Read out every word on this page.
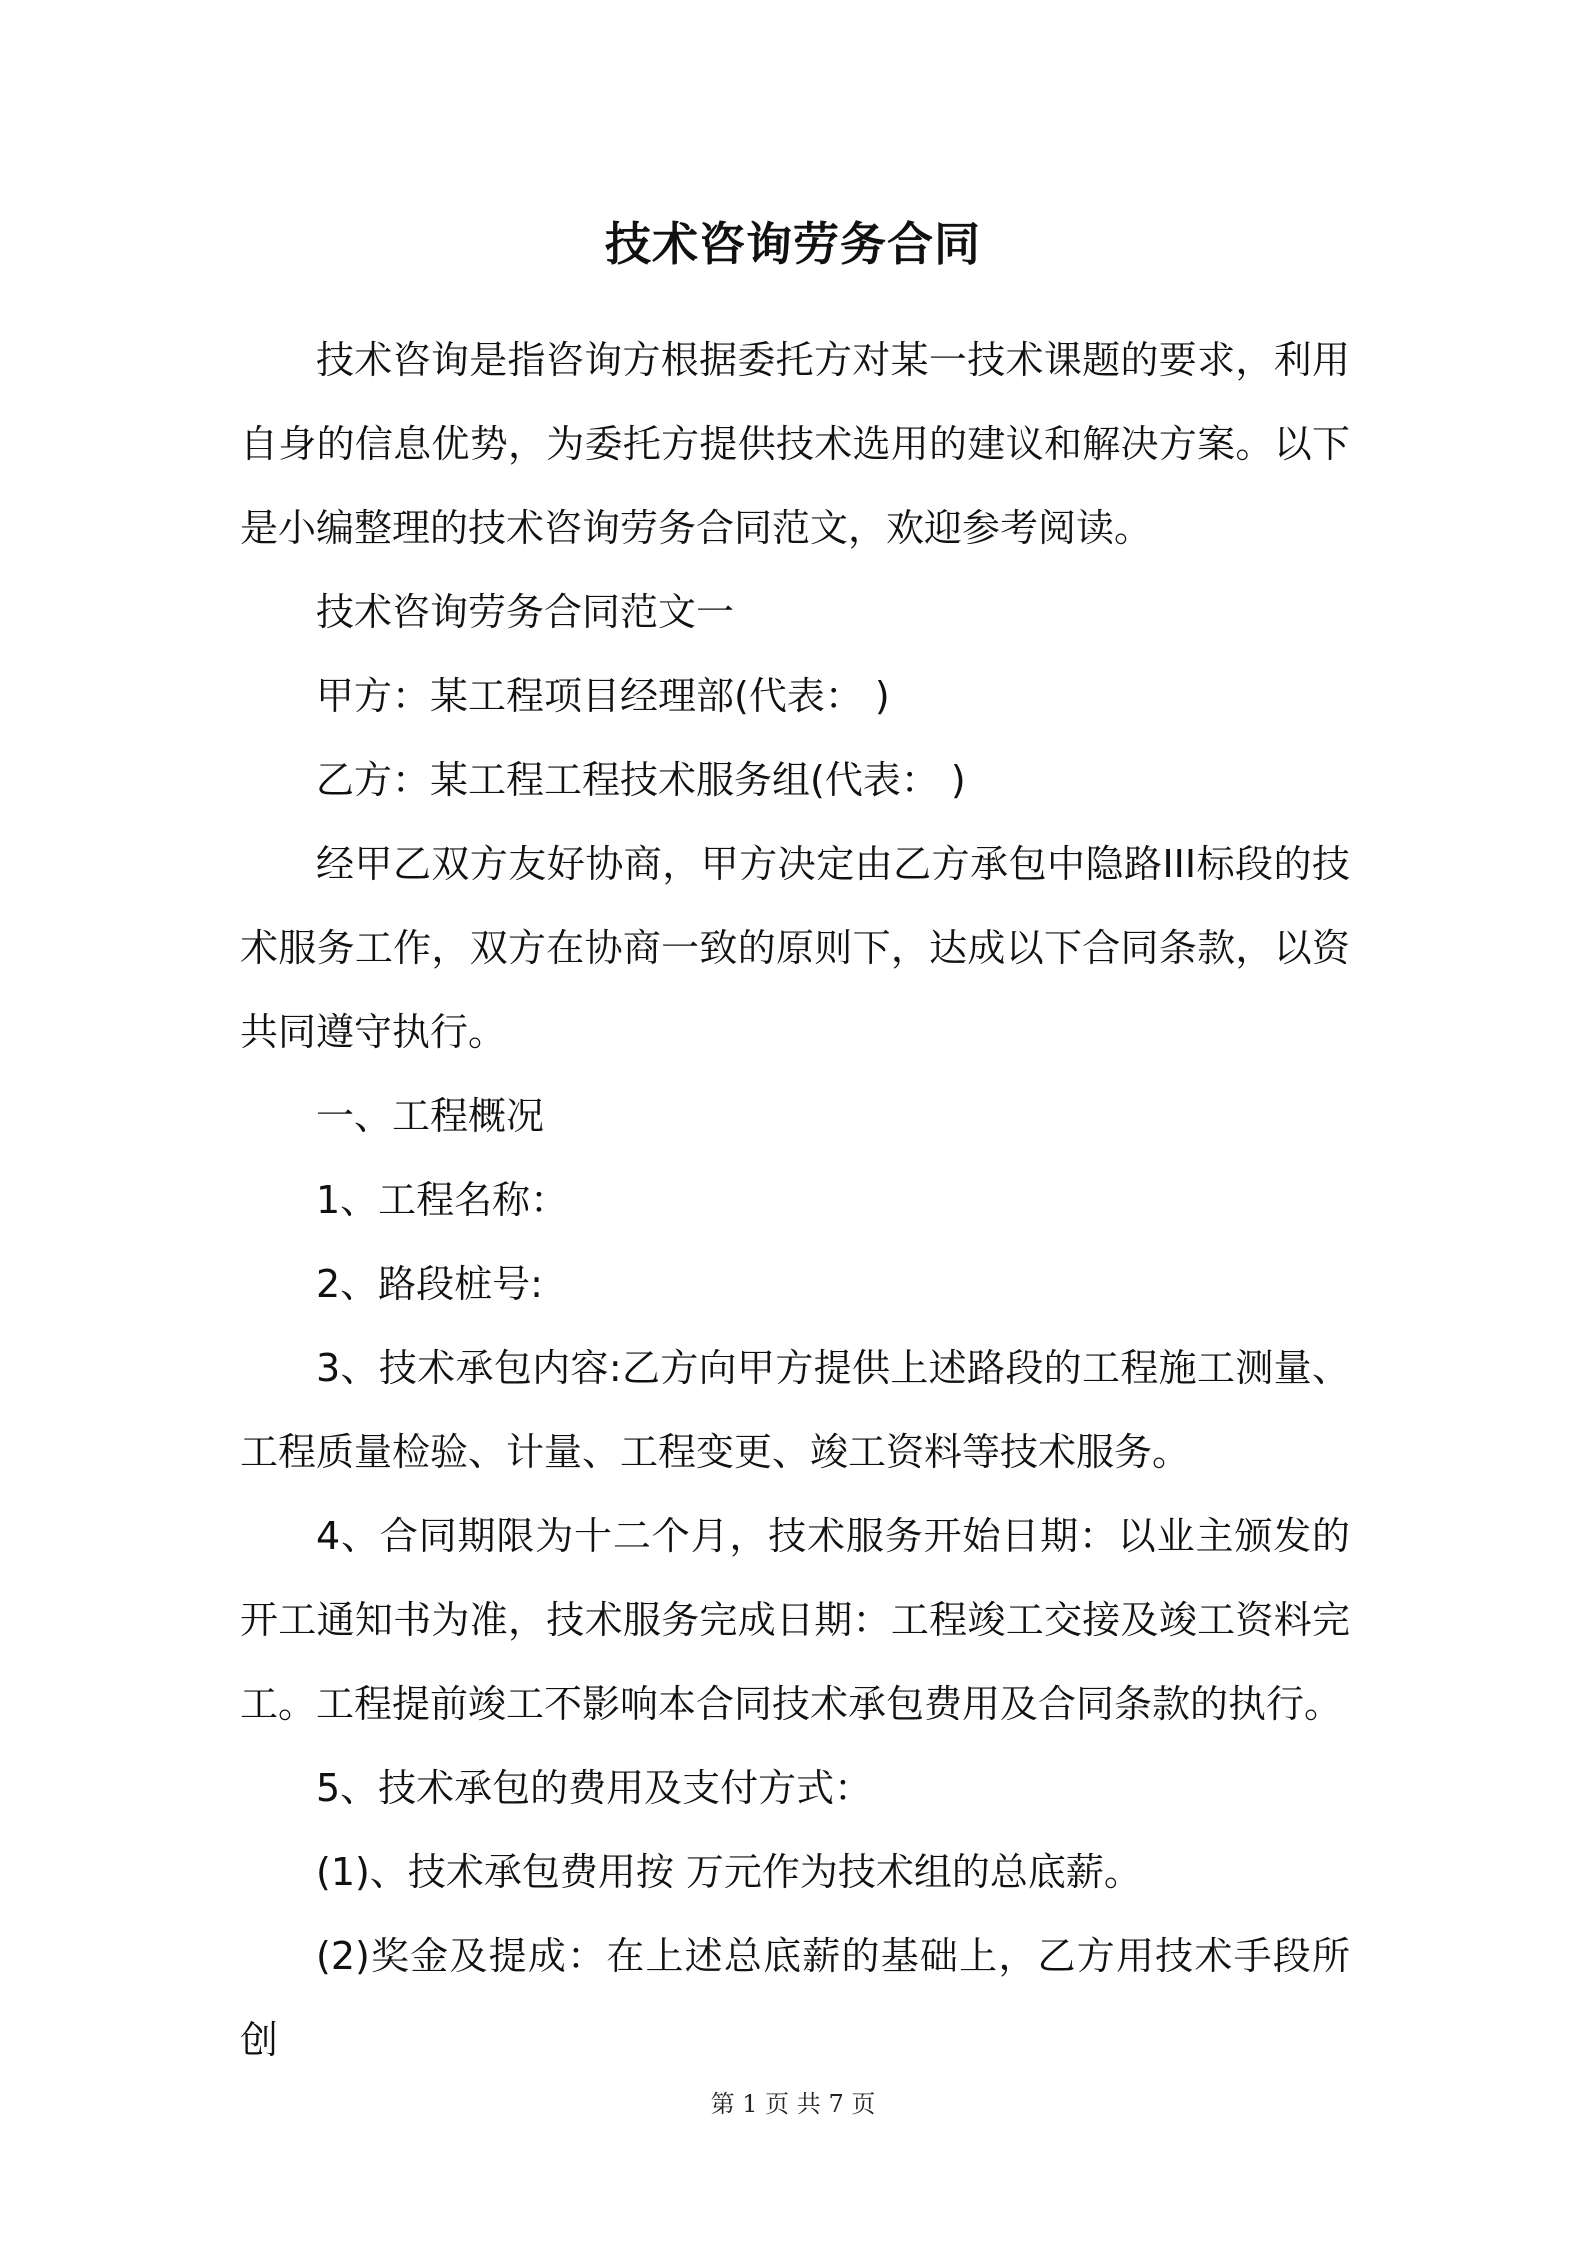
技术咨询劳务合同

技术咨询是指咨询方根据委托方对某一技术课题的要求，利用自身的信息优势，为委托方提供技术选用的建议和解决方案。以下是小编整理的技术咨询劳务合同范文，欢迎参考阅读。

技术咨询劳务合同范文一

甲方：某工程项目经理部(代表： )

乙方：某工程工程技术服务组(代表： )

经甲乙双方友好协商，甲方决定由乙方承包中隐路III标段的技术服务工作，双方在协商一致的原则下，达成以下合同条款，以资共同遵守执行。

一、工程概况

1、工程名称：

2、路段桩号:

3、技术承包内容:乙方向甲方提供上述路段的工程施工测量、工程质量检验、计量、工程变更、竣工资料等技术服务。

4、合同期限为十二个月，技术服务开始日期：以业主颁发的开工通知书为准，技术服务完成日期：工程竣工交接及竣工资料完工。工程提前竣工不影响本合同技术承包费用及合同条款的执行。

5、技术承包的费用及支付方式：

(1)、技术承包费用按 万元作为技术组的总底薪。

(2)奖金及提成：在上述总底薪的基础上，乙方用技术手段所创

第 1 页 共 7 页
